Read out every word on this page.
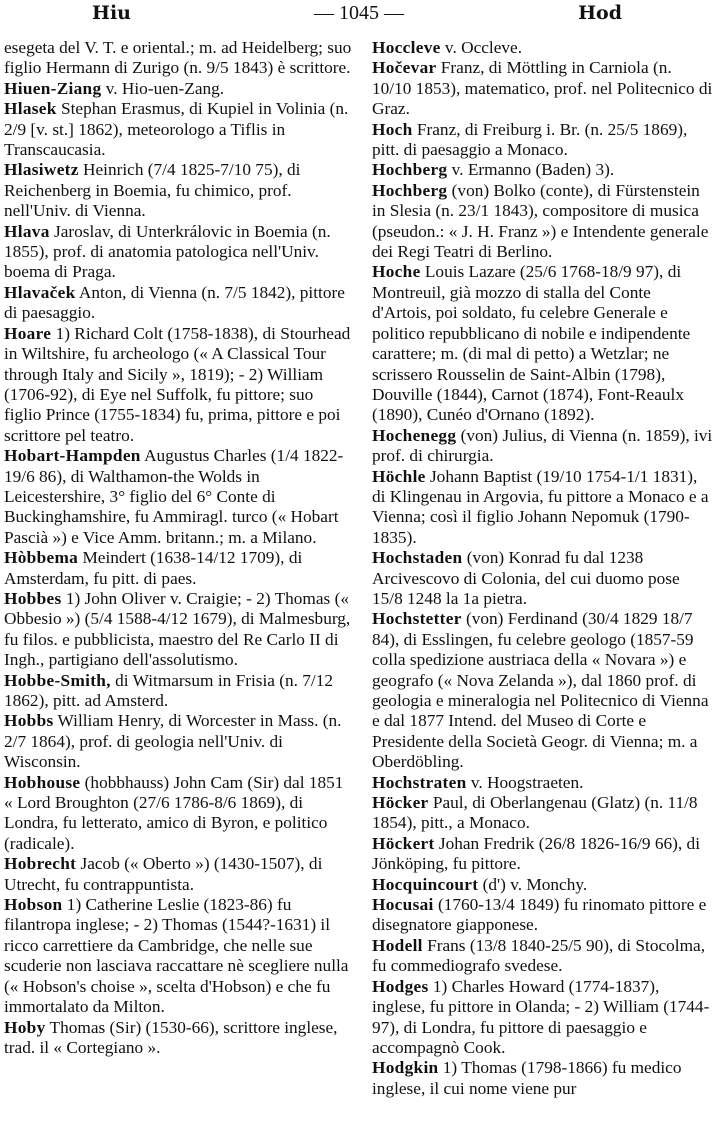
Hiu	— 1045 —	Hod

esegeta del V. T. e oriental.; m. ad Heidelberg; suo figlio Hermann di Zurigo (n. 9/5 1843) è scrittore.

Hiuen-Ziang v. Hio-uen-Zang.

Hlasek Stephan Erasmus, di Kupiel in Volinia (n. 2/9 [v. st.] 1862), meteorologo a Tiflis in Transcaucasia.

Hlasiwetz Heinrich (7/4 1825-7/10 75), di Reichenberg in Boemia, fu chimico, prof. nell'Univ. di Vienna.

Hlava Jaroslav, di Unterkrálovic in Boemia (n. 1855), prof. di anatomia patologica nell'Univ. boema di Praga.

Hlavaček Anton, di Vienna (n. 7/5 1842), pittore di paesaggio.

Hoare 1) Richard Colt (1758-1838), di Stourhead in Wiltshire, fu archeologo (« A Classical Tour through Italy and Sicily », 1819); - 2) William (1706-92), di Eye nel Suffolk, fu pittore; suo figlio Prince (1755-1834) fu, prima, pittore e poi scrittore pel teatro.

Hobart-Hampden Augustus Charles (1/4 1822-19/6 86), di Walthamon-the Wolds in Leicestershire, 3° figlio del 6° Conte di Buckinghamshire, fu Ammiragl. turco (« Hobart Pascià ») e Vice Amm. britann.; m. a Milano.

Hòbbema Meindert (1638-14/12 1709), di Amsterdam, fu pitt. di paes.

Hobbes 1) John Oliver v. Craigie; - 2) Thomas (« Obbesio ») (5/4 1588-4/12 1679), di Malmesburg, fu filos. e pubblicista, maestro del Re Carlo II di Ingh., partigiano dell'assolutismo.

Hobbe-Smith, di Witmarsum in Frisia (n. 7/12 1862), pitt. ad Amsterd.

Hobbs William Henry, di Worcester in Mass. (n. 2/7 1864), prof. di geologia nell'Univ. di Wisconsin.

Hobhouse (hobbhauss) John Cam (Sir) dal 1851 « Lord Broughton (27/6 1786-8/6 1869), di Londra, fu letterato, amico di Byron, e politico (radicale).

Hobrecht Jacob (« Oberto ») (1430-1507), di Utrecht, fu contrappuntista.

Hobson 1) Catherine Leslie (1823-86) fu filantropa inglese; - 2) Thomas (1544?-1631) il ricco carrettiere da Cambridge, che nelle sue scuderie non lasciava raccattare nè scegliere nulla (« Hobson's choise », scelta d'Hobson) e che fu immortalato da Milton.

Hoby Thomas (Sir) (1530-66), scrittore inglese, trad. il « Cortegiano ».

Hoccleve v. Occleve.

Hočevar Franz, di Möttling in Carniola (n. 10/10 1853), matematico, prof. nel Politecnico di Graz.

Hoch Franz, di Freiburg i. Br. (n. 25/5 1869), pitt. di paesaggio a Monaco.

Hochberg v. Ermanno (Baden) 3).

Hochberg (von) Bolko (conte), di Fürstenstein in Slesia (n. 23/1 1843), compositore di musica (pseudon.: « J. H. Franz ») e Intendente generale dei Regi Teatri di Berlino.

Hoche Louis Lazare (25/6 1768-18/9 97), di Montreuil, già mozzo di stalla del Conte d'Artois, poi soldato, fu celebre Generale e politico repubblicano di nobile e indipendente carattere; m. (di mal di petto) a Wetzlar; ne scrissero Rousselin de Saint-Albin (1798), Douville (1844), Carnot (1874), Font-Reaulx (1890), Cunéo d'Ornano (1892).

Hochenegg (von) Julius, di Vienna (n. 1859), ivi prof. di chirurgia.

Höchle Johann Baptist (19/10 1754-1/1 1831), di Klingenau in Argovia, fu pittore a Monaco e a Vienna; così il figlio Johann Nepomuk (1790-1835).

Hochstaden (von) Konrad fu dal 1238 Arcivescovo di Colonia, del cui duomo pose 15/8 1248 la 1a pietra.

Hochstetter (von) Ferdinand (30/4 1829 18/7 84), di Esslingen, fu celebre geologo (1857-59 colla spedizione austriaca della « Novara ») e geografo (« Nova Zelanda »), dal 1860 prof. di geologia e mineralogia nel Politecnico di Vienna e dal 1877 Intend. del Museo di Corte e Presidente della Società Geogr. di Vienna; m. a Oberdöbling.

Hochstraten v. Hoogstraeten.

Höcker Paul, di Oberlangenau (Glatz) (n. 11/8 1854), pitt., a Monaco.

Höckert Johan Fredrik (26/8 1826-16/9 66), di Jönköping, fu pittore.

Hocquincourt (d') v. Monchy.

Hocusai (1760-13/4 1849) fu rinomato pittore e disegnatore giapponese.

Hodell Frans (13/8 1840-25/5 90), di Stocolma, fu commediografo svedese.

Hodges 1) Charles Howard (1774-1837), inglese, fu pittore in Olanda; - 2) William (1744-97), di Londra, fu pittore di paesaggio e accompagnò Cook.

Hodgkin 1) Thomas (1798-1866) fu medico inglese, il cui nome viene pur
